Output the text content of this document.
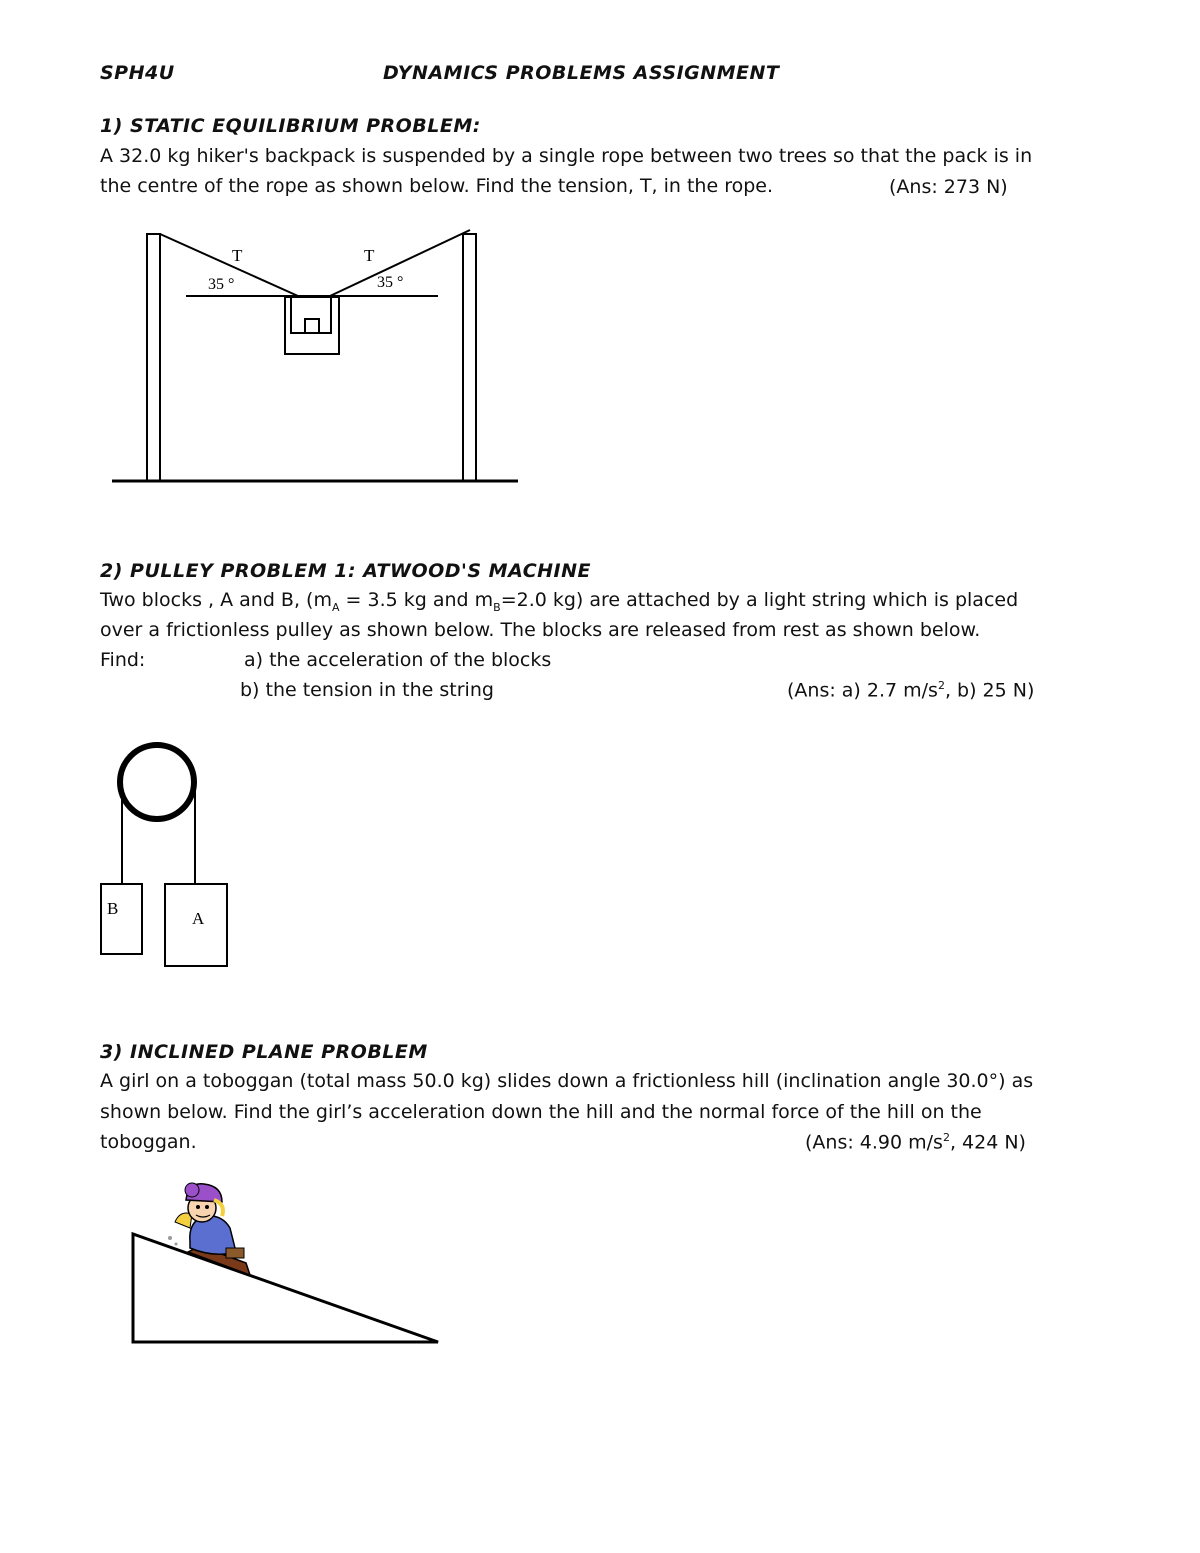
SPH4U	DYNAMICS PROBLEMS ASSIGNMENT
1) STATIC EQUILIBRIUM PROBLEM:
A 32.0 kg hiker's backpack is suspended by a single rope between two trees so that the pack is in
the centre of the rope as shown below. Find the tension, T, in the rope.	(Ans: 273 N)
T	T
35 °	35 °
B
A
2) PULLEY PROBLEM 1: ATWOOD'S MACHINE
Two blocks , A and B, ($m_A = 3.5$ kg and $m_B=2.0$ kg) are attached by a light string which is placed
over a frictionless pulley as shown below. The blocks are released from rest as shown below.
Find:	a) the acceleration of the blocks
b) the tension in the string	(Ans: a) 2.7 $m/s^2$, b) 25 N)
3) INCLINED PLANE PROBLEM
A girl on a toboggan (total mass 50.0 kg) slides down a frictionless hill (inclination angle 30.0°) as
shown below. Find the girl’s acceleration down the hill and the normal force of the hill on the
toboggan.	(Ans: 4.90 $m/s^2$, 424 N)
